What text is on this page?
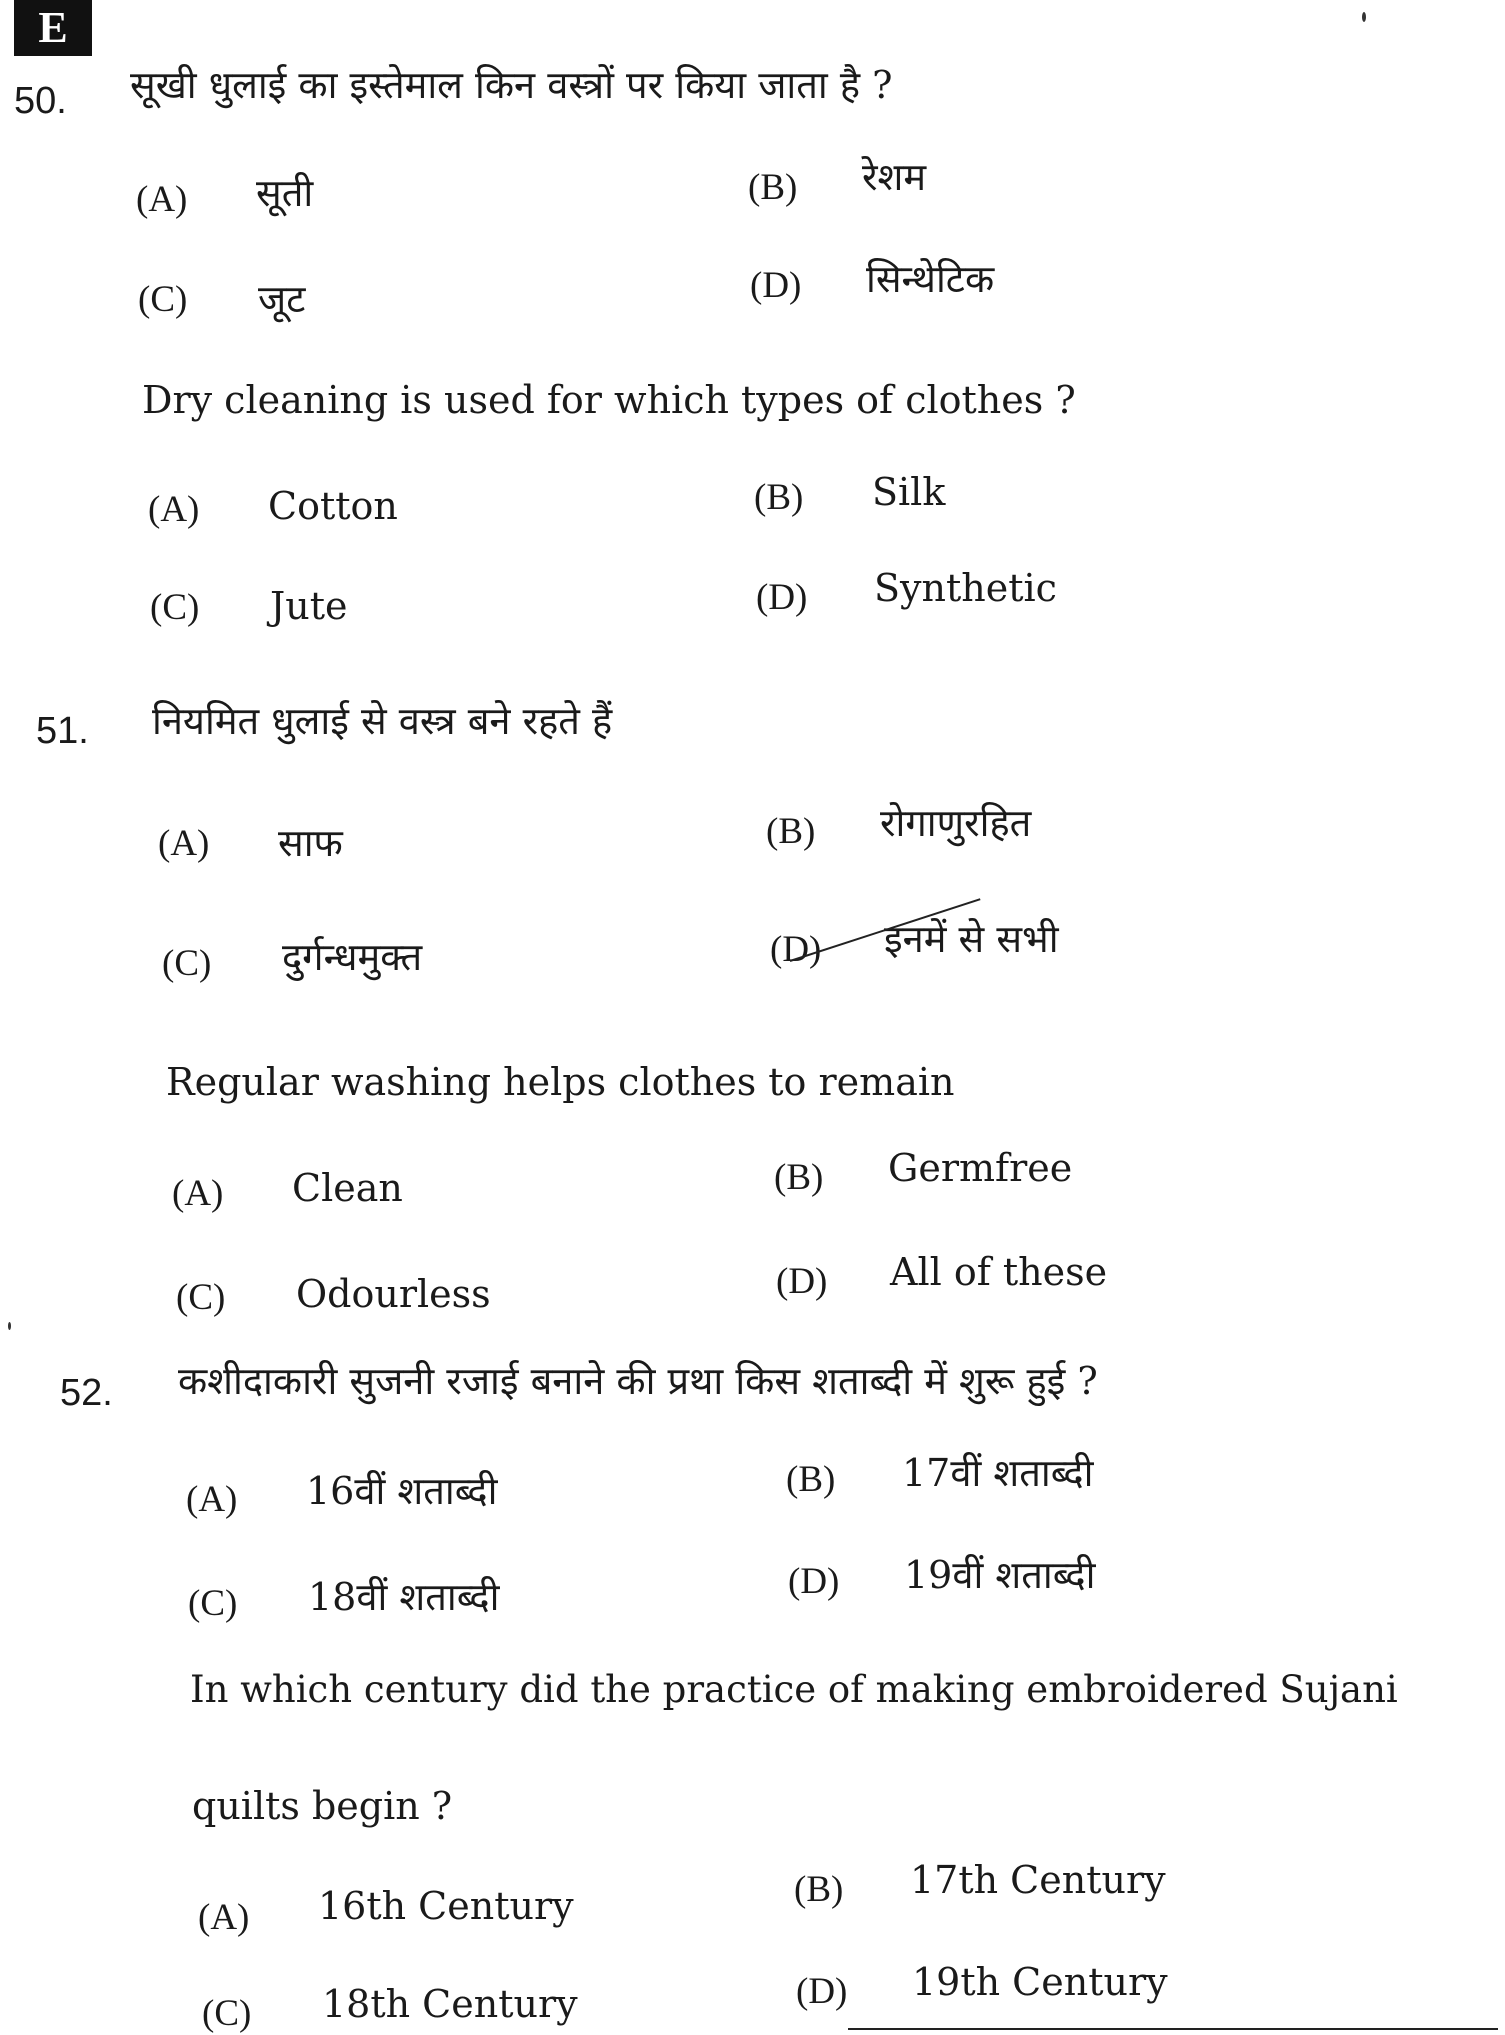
E
50. सूखी धुलाई का इस्तेमाल किन वस्त्रों पर किया जाता है ?
(A) सूती	(B) रेशम
(C) जूट	(D) सिन्थेटिक
Dry cleaning is used for which types of clothes ?
(A) Cotton	(B) Silk
(C) Jute	(D) Synthetic
51. नियमित धुलाई से वस्त्र बने रहते हैं
(A) साफ	(B) रोगाणुरहित
(C) दुर्गन्धमुक्त	(D) इनमें से सभी
Regular washing helps clothes to remain
(A) Clean	(B) Germfree
(C) Odourless	(D) All of these
52. कशीदाकारी सुजनी रजाई बनाने की प्रथा किस शताब्दी में शुरू हुई ?
(A) 16वीं शताब्दी	(B) 17वीं शताब्दी
(C) 18वीं शताब्दी	(D) 19वीं शताब्दी
In which century did the practice of making embroidered Sujani
quilts begin ?
(A) 16th Century	(B) 17th Century
(C) 18th Century	(D) 19th Century
